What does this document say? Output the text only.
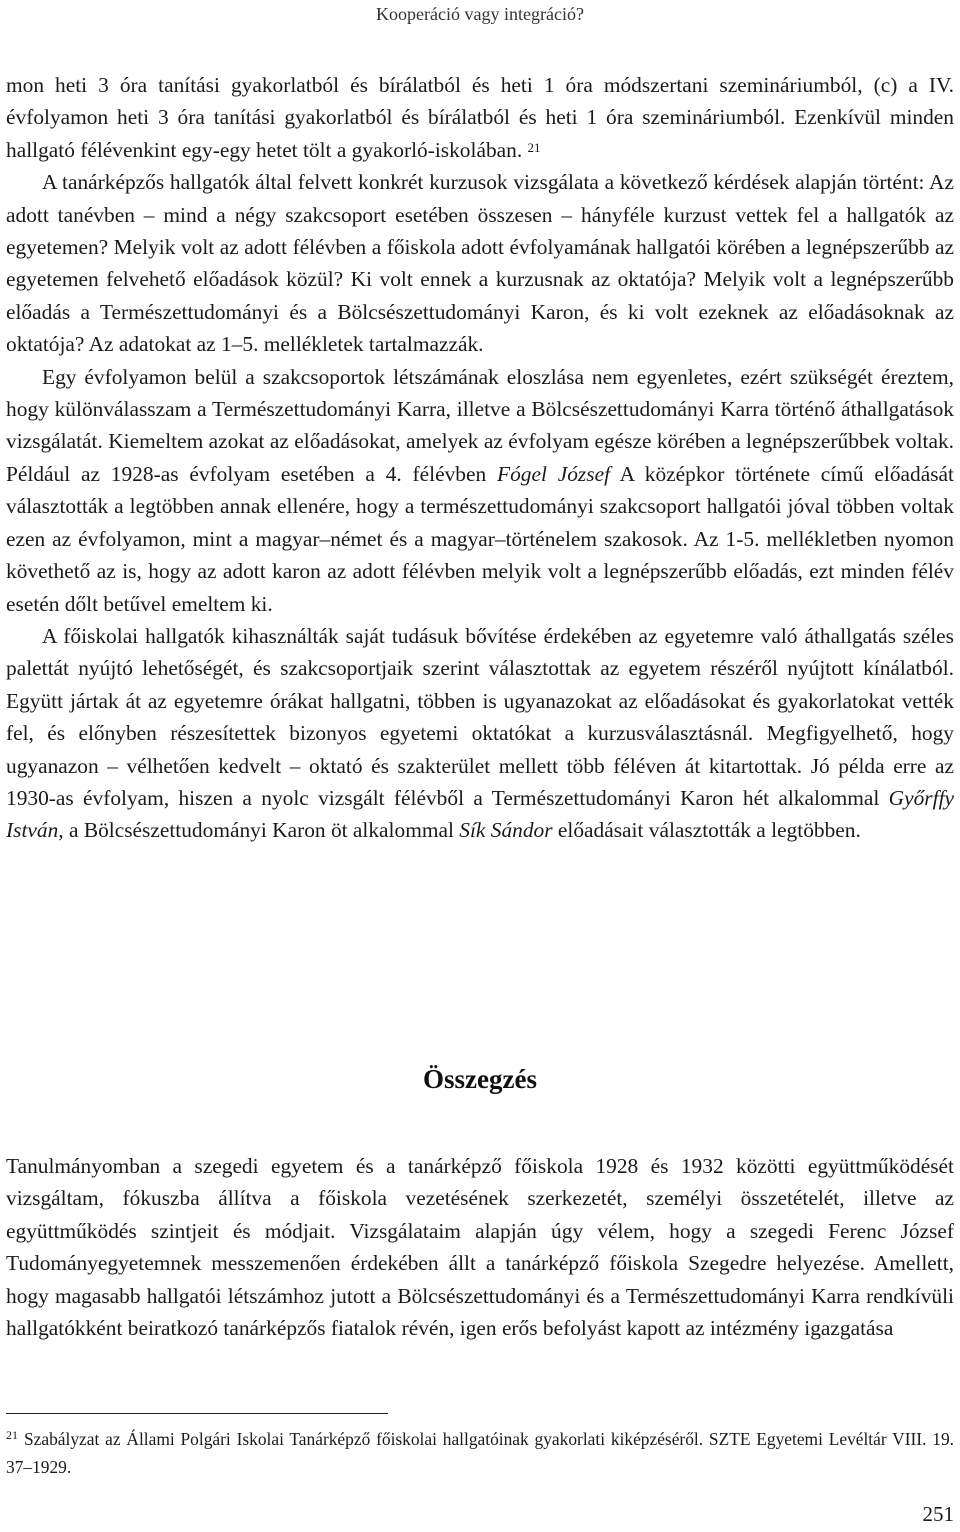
Kooperáció vagy integráció?

mon heti 3 óra tanítási gyakorlatból és bírálatból és heti 1 óra módszertani szemináriumból, (c) a IV. évfolyamon heti 3 óra tanítási gyakorlatból és bírálatból és heti 1 óra szemináriumból. Ezenkívül minden hallgató félévenkint egy-egy hetet tölt a gyakorló-iskolában. $^{21}$

A tanárképzős hallgatók által felvett konkrét kurzusok vizsgálata a következő kérdések alapján történt: Az adott tanévben – mind a négy szakcsoport esetében összesen – hányféle kurzust vettek fel a hallgatók az egyetemen? Melyik volt az adott félévben a főiskola adott évfolyamának hallgatói körében a legnépszerűbb az egyetemen felvehető előadások közül? Ki volt ennek a kurzusnak az oktatója? Melyik volt a legnépszerűbb előadás a Természettudományi és a Bölcsészettudományi Karon, és ki volt ezeknek az előadásoknak az oktatója? Az adatokat az 1–5. mellékletek tartalmazzák.

Egy évfolyamon belül a szakcsoportok létszámának eloszlása nem egyenletes, ezért szükségét éreztem, hogy különválasszam a Természettudományi Karra, illetve a Bölcsészettudományi Karra történő áthallgatások vizsgálatát. Kiemeltem azokat az előadásokat, amelyek az évfolyam egésze körében a legnépszerűbbek voltak. Például az 1928-as évfolyam esetében a 4. félévben Fógel József A középkor története című előadását választották a legtöbben annak ellenére, hogy a természettudományi szakcsoport hallgatói jóval többen voltak ezen az évfolyamon, mint a magyar–német és a magyar–történelem szakosok. Az 1-5. mellékletben nyomon követhető az is, hogy az adott karon az adott félévben melyik volt a legnépszerűbb előadás, ezt minden félév esetén dőlt betűvel emeltem ki.

A főiskolai hallgatók kihasználták saját tudásuk bővítése érdekében az egyetemre való áthallgatás széles palettát nyújtó lehetőségét, és szakcsoportjaik szerint választottak az egyetem részéről nyújtott kínálatból. Együtt jártak át az egyetemre órákat hallgatni, többen is ugyanazokat az előadásokat és gyakorlatokat vették fel, és előnyben részesítettek bizonyos egyetemi oktatókat a kurzusválasztásnál. Megfigyelhető, hogy ugyanazon – vélhetően kedvelt – oktató és szakterület mellett több féléven át kitartottak. Jó példa erre az 1930-as évfolyam, hiszen a nyolc vizsgált félévből a Természettudományi Karon hét alkalommal Győrffy István, a Bölcsészettudományi Karon öt alkalommal Sík Sándor előadásait választották a legtöbben.

Összegzés

Tanulmányomban a szegedi egyetem és a tanárképző főiskola 1928 és 1932 közötti együttműködését vizsgáltam, fókuszba állítva a főiskola vezetésének szerkezetét, személyi összetételét, illetve az együttműködés szintjeit és módjait. Vizsgálataim alapján úgy vélem, hogy a szegedi Ferenc József Tudományegyetemnek messzemenően érdekében állt a tanárképző főiskola Szegedre helyezése. Amellett, hogy magasabb hallgatói létszámhoz jutott a Bölcsészettudományi és a Természettudományi Karra rendkívüli hallgatókként beiratkozó tanárképzős fiatalok révén, igen erős befolyást kapott az intézmény igazgatása

$^{21}$ Szabályzat az Állami Polgári Iskolai Tanárképző főiskolai hallgatóinak gyakorlati kiképzéséről. SZTE Egyetemi Levéltár VIII. 19. 37–1929.
251
